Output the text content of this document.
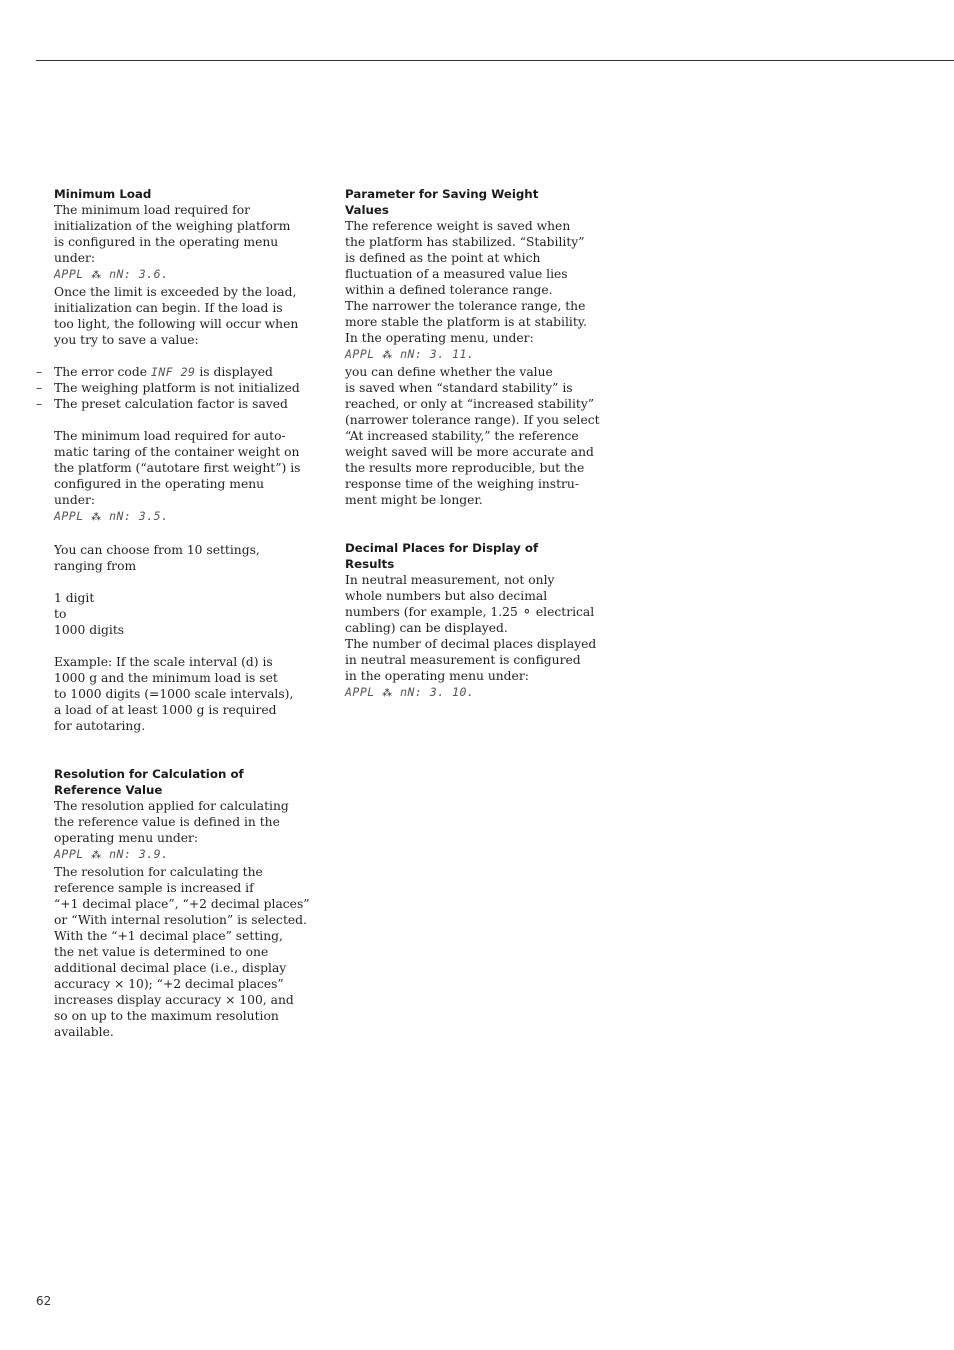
Minimum Load
The minimum load required for
initialization of the weighing platform
is configured in the operating menu
under:
APPL ⁂ nN: 3.6.
Once the limit is exceeded by the load,
initialization can begin. If the load is
too light, the following will occur when
you try to save a value:
– The error code INF 29 is displayed
– The weighing platform is not initialized
– The preset calculation factor is saved
The minimum load required for auto-
matic taring of the container weight on
the platform (“autotare first weight”) is
configured in the operating menu
under:
APPL ⁂ nN: 3.5.
You can choose from 10 settings,
ranging from
1 digit
to
1000 digits
Example: If the scale interval (d) is
1000 g and the minimum load is set
to 1000 digits (=1000 scale intervals),
a load of at least 1000 g is required
for autotaring.
Resolution for Calculation of
Reference Value
The resolution applied for calculating
the reference value is defined in the
operating menu under:
APPL ⁂ nN: 3.9.
The resolution for calculating the
reference sample is increased if
“+1 decimal place”, “+2 decimal places”
or “With internal resolution” is selected.
With the “+1 decimal place” setting,
the net value is determined to one
additional decimal place (i.e., display
accuracy × 10); “+2 decimal places”
increases display accuracy × 100, and
so on up to the maximum resolution
available.
Parameter for Saving Weight Values
The reference weight is saved when
the platform has stabilized. “Stability”
is defined as the point at which
fluctuation of a measured value lies
within a defined tolerance range.
The narrower the tolerance range, the
more stable the platform is at stability.
In the operating menu, under:
APPL ⁂ nN: 3. 11.
you can define whether the value
is saved when “standard stability” is
reached, or only at “increased stability”
(narrower tolerance range). If you select
“At increased stability,” the reference
weight saved will be more accurate and
the results more reproducible, but the
response time of the weighing instru-
ment might be longer.
Decimal Places for Display of Results
In neutral measurement, not only
whole numbers but also decimal
numbers (for example, 1.25 ⚬ electrical
cabling) can be displayed.
The number of decimal places displayed
in neutral measurement is configured
in the operating menu under:
APPL ⁂ nN: 3. 10.
62
